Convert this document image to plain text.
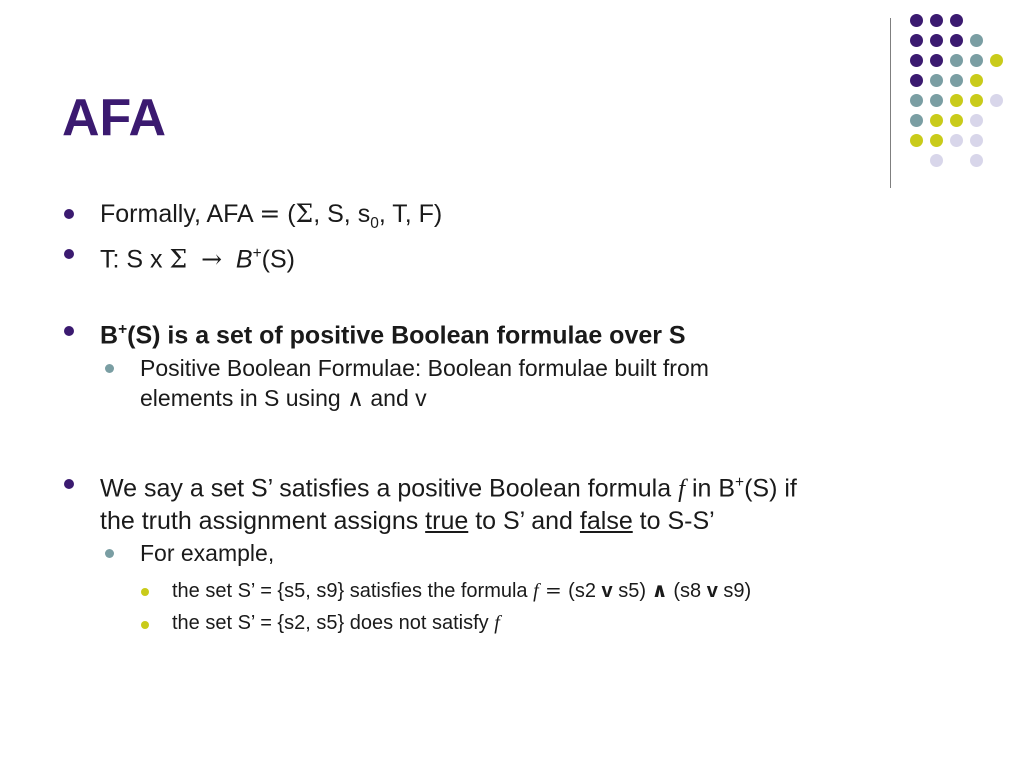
AFA
Formally, AFA = (Σ, S, $s_0$, T, F)
T: S x Σ → B+(S)
B+(S) is a set of positive Boolean formulae over S
Positive Boolean Formulae: Boolean formulae built from
elements in S using ∧ and v
We say a set S’ satisfies a positive Boolean formula f in B+(S) if
the truth assignment assigns true to S’ and false to S-S’
For example,
the set S’ = {s5, s9} satisfies the formula f = (s2 v s5) ∧ (s8 v s9)
the set S’ = {s2, s5} does not satisfy f
